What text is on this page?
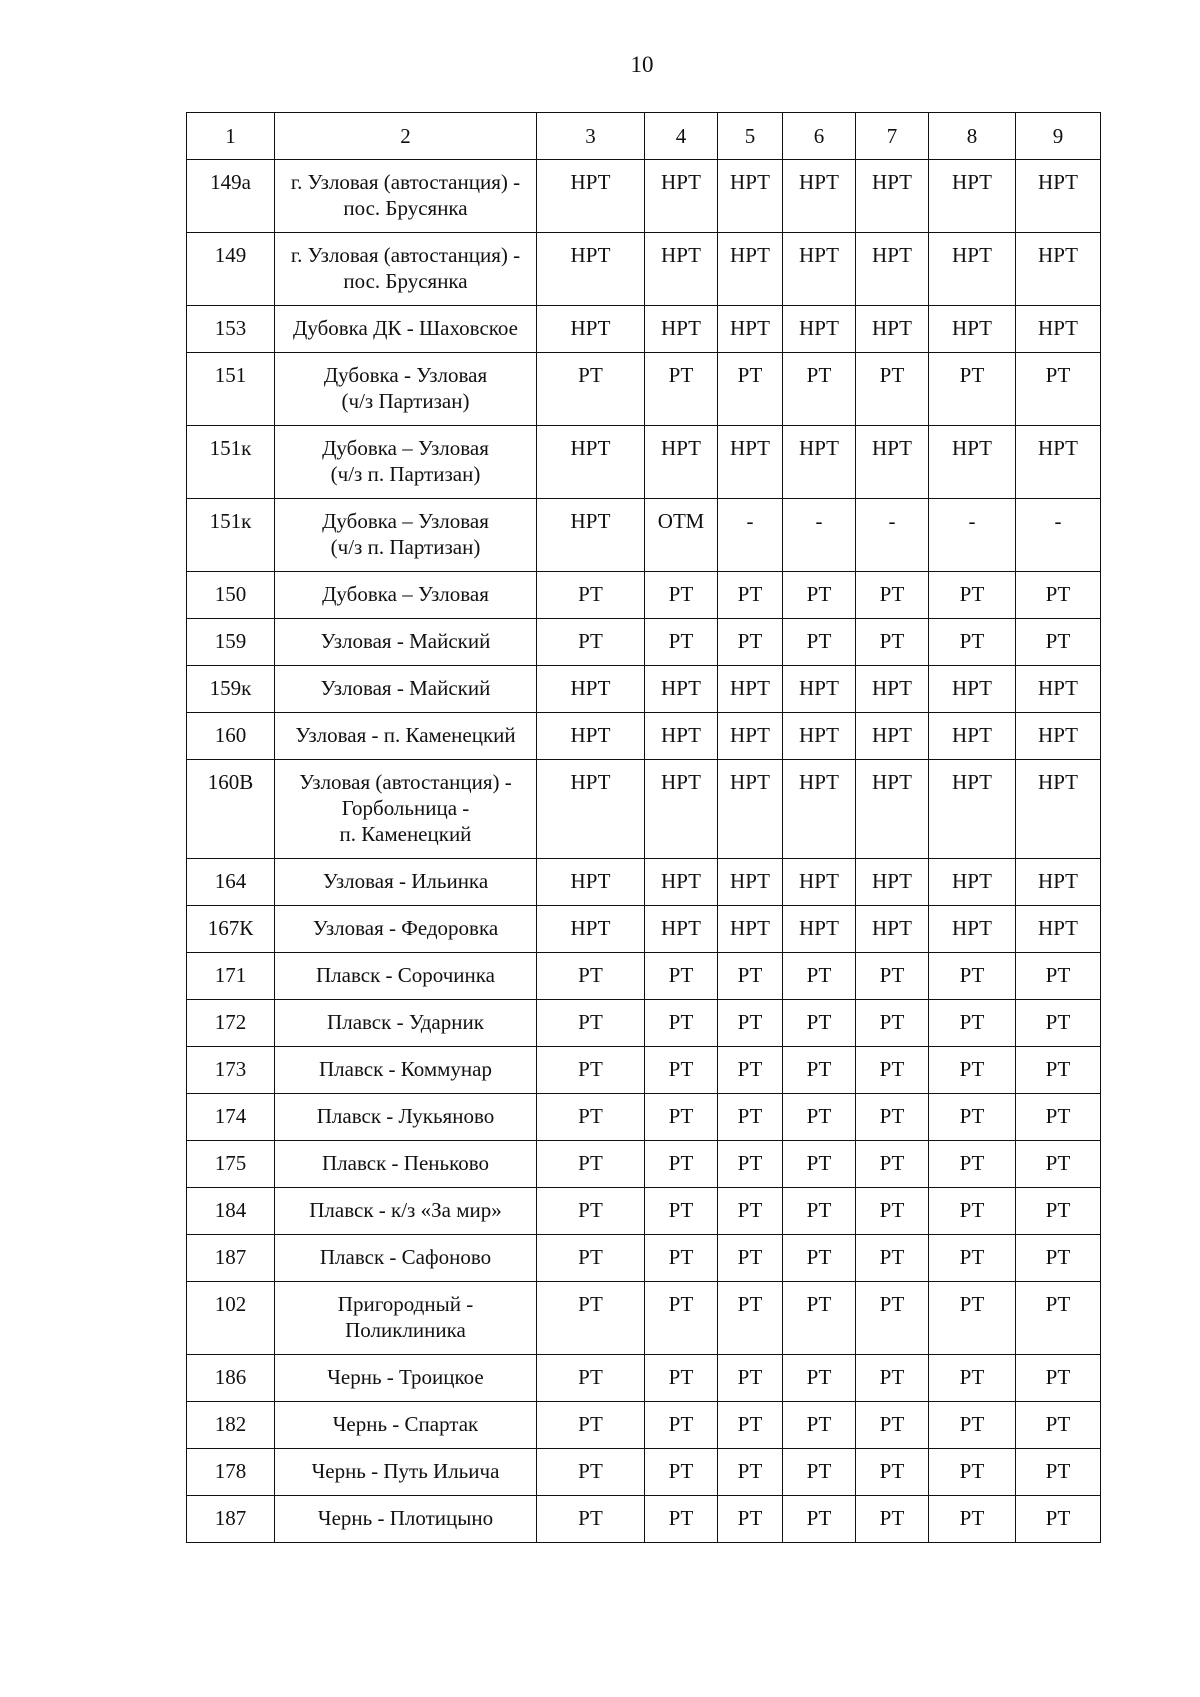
10
1	2	3	4	5	6	7	8	9
149а	г. Узловая (автостанция) -
пос. Брусянка	НРТ	НРТ	НРТ	НРТ	НРТ	НРТ	НРТ
149	г. Узловая (автостанция) -
пос. Брусянка	НРТ	НРТ	НРТ	НРТ	НРТ	НРТ	НРТ
153	Дубовка ДК - Шаховское	НРТ	НРТ	НРТ	НРТ	НРТ	НРТ	НРТ
151	Дубовка - Узловая
(ч/з Партизан)	РТ	РТ	РТ	РТ	РТ	РТ	РТ
151к	Дубовка – Узловая
(ч/з п. Партизан)	НРТ	НРТ	НРТ	НРТ	НРТ	НРТ	НРТ
151к	Дубовка – Узловая
(ч/з п. Партизан)	НРТ	ОТМ	-	-	-	-	-
150	Дубовка – Узловая	РТ	РТ	РТ	РТ	РТ	РТ	РТ
159	Узловая - Майский	РТ	РТ	РТ	РТ	РТ	РТ	РТ
159к	Узловая - Майский	НРТ	НРТ	НРТ	НРТ	НРТ	НРТ	НРТ
160	Узловая - п. Каменецкий	НРТ	НРТ	НРТ	НРТ	НРТ	НРТ	НРТ
160В	Узловая (автостанция) -
Горбольница -
п. Каменецкий	НРТ	НРТ	НРТ	НРТ	НРТ	НРТ	НРТ
164	Узловая - Ильинка	НРТ	НРТ	НРТ	НРТ	НРТ	НРТ	НРТ
167К	Узловая - Федоровка	НРТ	НРТ	НРТ	НРТ	НРТ	НРТ	НРТ
171	Плавск - Сорочинка	РТ	РТ	РТ	РТ	РТ	РТ	РТ
172	Плавск - Ударник	РТ	РТ	РТ	РТ	РТ	РТ	РТ
173	Плавск - Коммунар	РТ	РТ	РТ	РТ	РТ	РТ	РТ
174	Плавск - Лукьяново	РТ	РТ	РТ	РТ	РТ	РТ	РТ
175	Плавск - Пеньково	РТ	РТ	РТ	РТ	РТ	РТ	РТ
184	Плавск - к/з «За мир»	РТ	РТ	РТ	РТ	РТ	РТ	РТ
187	Плавск - Сафоново	РТ	РТ	РТ	РТ	РТ	РТ	РТ
102	Пригородный -
Поликлиника	РТ	РТ	РТ	РТ	РТ	РТ	РТ
186	Чернь - Троицкое	РТ	РТ	РТ	РТ	РТ	РТ	РТ
182	Чернь - Спартак	РТ	РТ	РТ	РТ	РТ	РТ	РТ
178	Чернь - Путь Ильича	РТ	РТ	РТ	РТ	РТ	РТ	РТ
187	Чернь - Плотицыно	РТ	РТ	РТ	РТ	РТ	РТ	РТ
